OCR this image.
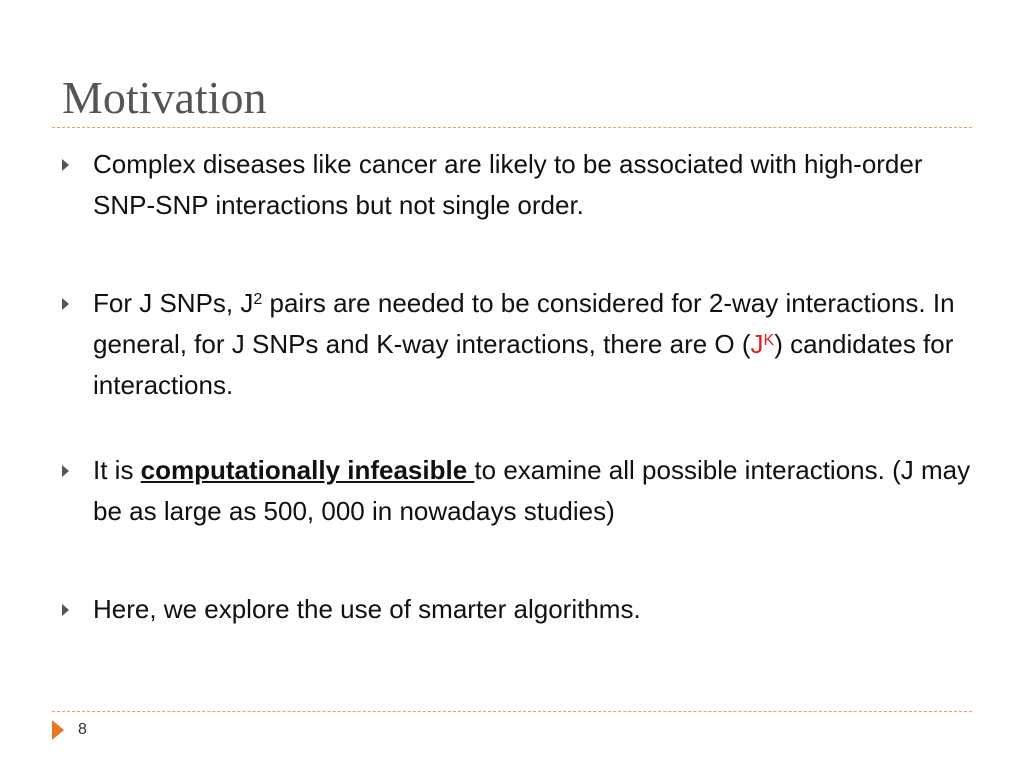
Motivation
Complex diseases like cancer are likely to be associated with high-order SNP-SNP interactions but not single order.
For J SNPs, $J^2$ pairs are needed to be considered for 2-way interactions. In general, for J SNPs and K-way interactions, there are O $(J^K)$ candidates for interactions.
It is computationally infeasible to examine all possible interactions. (J may be as large as 500, 000 in nowadays studies)
Here, we explore the use of smarter algorithms.
8
